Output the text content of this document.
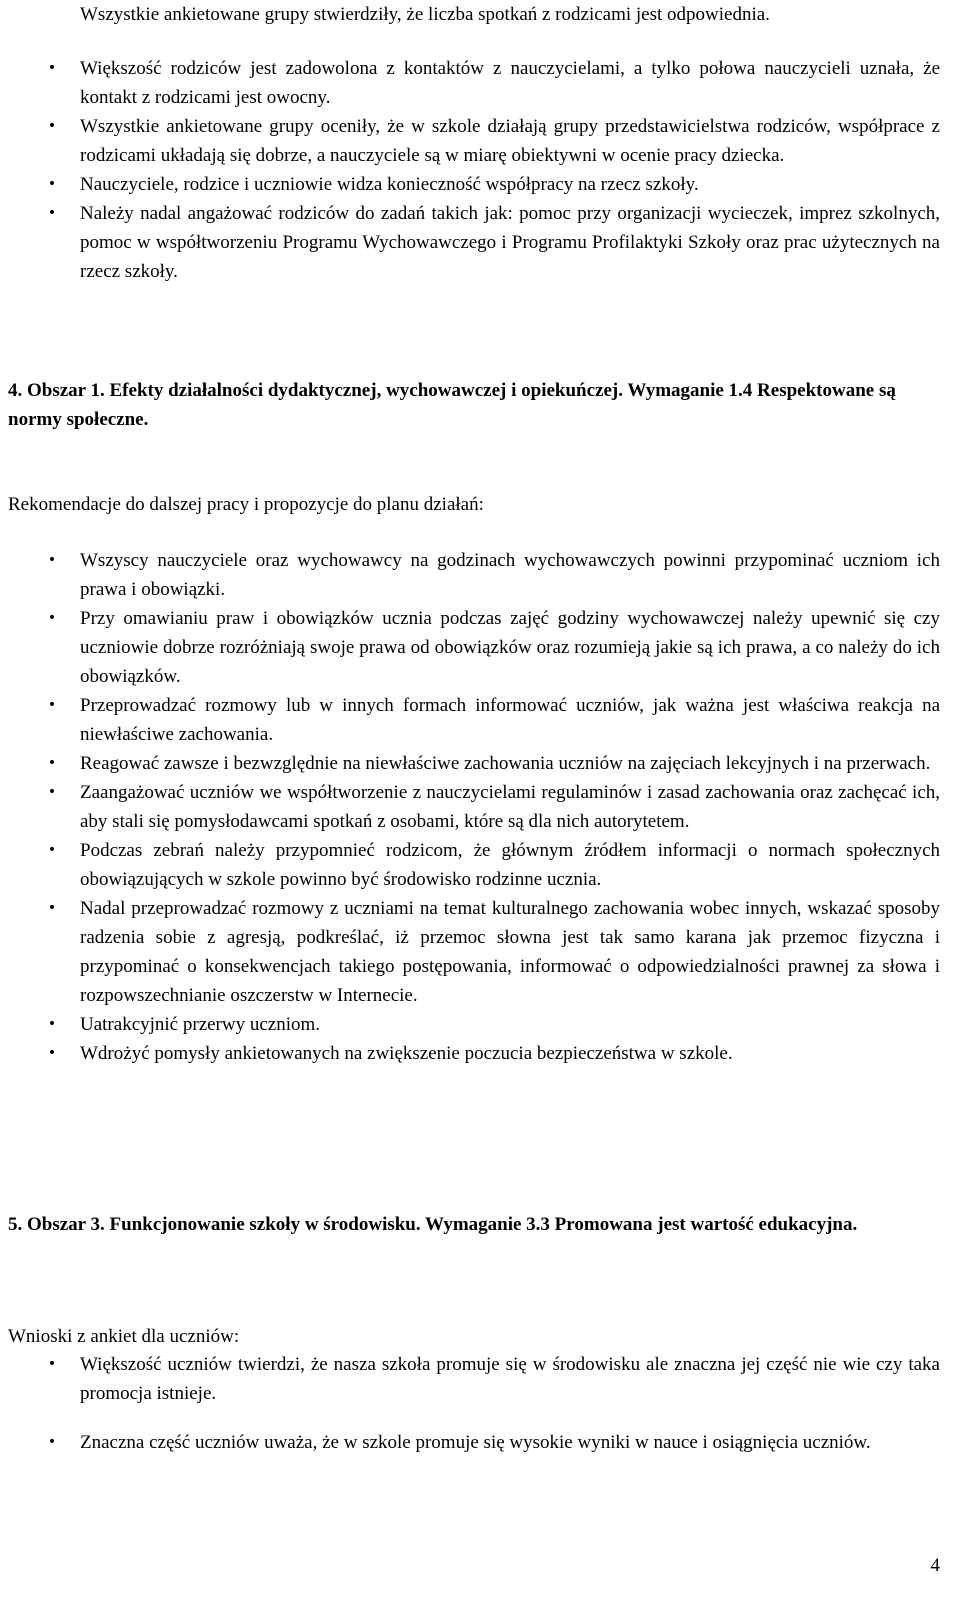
Wszystkie ankietowane grupy stwierdziły, że liczba spotkań z rodzicami jest odpowiednia.
•	Większość rodziców jest zadowolona z kontaktów z nauczycielami, a tylko połowa nauczycieli uznała, że kontakt z rodzicami jest owocny.
•	Wszystkie ankietowane grupy oceniły, że w szkole działają grupy przedstawicielstwa rodziców, współprace z rodzicami układają się dobrze, a nauczyciele są w miarę obiektywni w ocenie pracy dziecka.
•	Nauczyciele, rodzice i uczniowie widza konieczność współpracy na rzecz szkoły.
•	Należy nadal angażować rodziców do zadań takich jak: pomoc przy organizacji wycieczek, imprez szkolnych, pomoc w współtworzeniu Programu Wychowawczego i Programu Profilaktyki Szkoły oraz prac użytecznych na rzecz szkoły.
4. Obszar 1. Efekty działalności dydaktycznej, wychowawczej i opiekuńczej. Wymaganie 1.4 Respektowane są normy społeczne.
Rekomendacje do dalszej pracy i propozycje do planu działań:
•	Wszyscy nauczyciele oraz wychowawcy na godzinach wychowawczych powinni przypominać uczniom ich prawa i obowiązki.
•	Przy omawianiu praw i obowiązków ucznia podczas zajęć godziny wychowawczej należy upewnić się czy uczniowie dobrze rozróżniają swoje prawa od obowiązków oraz rozumieją jakie są ich prawa, a co należy do ich obowiązków.
•	Przeprowadzać rozmowy lub w innych formach informować uczniów, jak ważna jest właściwa reakcja na niewłaściwe zachowania.
•	Reagować zawsze i bezwzględnie na niewłaściwe zachowania uczniów na zajęciach lekcyjnych i na przerwach.
•	Zaangażować uczniów we współtworzenie z nauczycielami regulaminów i zasad zachowania oraz zachęcać ich, aby stali się pomysłodawcami spotkań z osobami, które są dla nich autorytetem.
•	Podczas zebrań należy przypomnieć rodzicom, że głównym źródłem informacji o normach społecznych obowiązujących w szkole powinno być środowisko rodzinne ucznia.
•	Nadal przeprowadzać rozmowy z uczniami na temat kulturalnego zachowania wobec innych, wskazać sposoby radzenia sobie z agresją, podkreślać, iż przemoc słowna jest tak samo karana jak przemoc fizyczna i przypominać o konsekwencjach takiego postępowania, informować o odpowiedzialności prawnej za słowa i rozpowszechnianie oszczerstw w Internecie.
•	Uatrakcyjnić przerwy uczniom.
•	Wdrożyć pomysły ankietowanych na zwiększenie poczucia bezpieczeństwa w szkole.
5. Obszar 3. Funkcjonowanie szkoły w środowisku. Wymaganie 3.3 Promowana jest wartość edukacyjna.
Wnioski z ankiet dla uczniów:
•	Większość uczniów twierdzi, że nasza szkoła promuje się w środowisku ale znaczna jej część nie wie czy taka promocja istnieje.
•	Znaczna część uczniów uważa, że w szkole promuje się wysokie wyniki w nauce i osiągnięcia uczniów.
4
